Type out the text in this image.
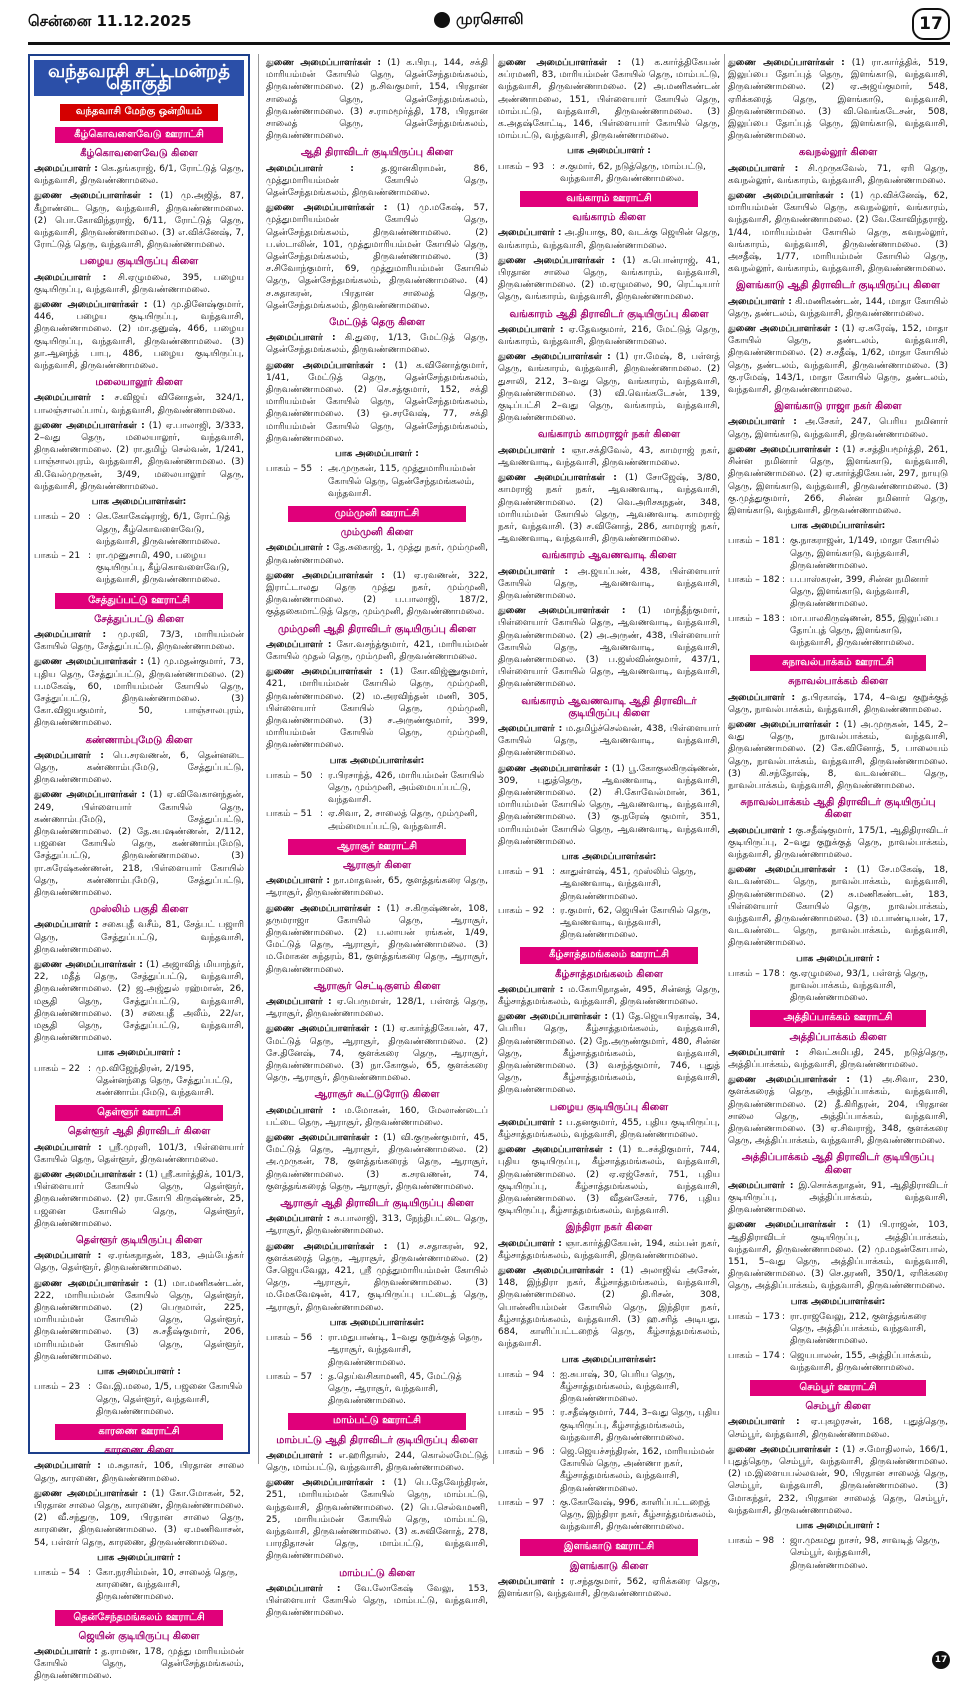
சென்னை 11.12.2025	முரசொலி	17
வந்தவாசி சட்டமன்றத் தொகுதி
வந்தவாசி மேற்கு ஒன்றியம்
கீழ்கொவளைவேடு ஊராட்சி
கீழ்கொவளைவேடு கிளை
அமைப்பாளர் : கெ.தங்கராஜ், 6/1, ரோட்டுத் தெரு, வந்தவாசி, திருவண்ணாமலை.
துணை அமைப்பாளர்கள் : (1) மு.அஜித், 87, கீழாண்டை தெரு, வந்தவாசி, திருவண்ணாமலை. (2) பொ.கோவிந்தராஜ், 6/11, ரோட்டுத் தெரு, வந்தவாசி, திருவண்ணாமலை. (3) எ.விக்னேஷ், 7, ரோட்டுத் தெரு, வந்தவாசி, திருவண்ணாமலை.
பழைய குடியிருப்பு கிளை
அமைப்பாளர் : சி.ஏழுமலை, 395, பழைய குடியிருப்பு, வந்தவாசி, திருவண்ணாமலை.
துணை அமைப்பாளர்கள் : (1) மு.தினேஷ்குமார், 446, பழைய குடியிருப்பு, வந்தவாசி, திருவண்ணாமலை. (2) மா.தனுஷ், 466, பழைய குடியிருப்பு, வந்தவாசி, திருவண்ணாமலை. (3) தா.ஆனந்த் பாபு, 486, பழைய குடியிருப்பு, வந்தவாசி, திருவண்ணாமலை.
மலையாலூர் கிளை
அமைப்பாளர் : ச.விஜய் வினோதன், 324/1, பாலஞ்சாலப்பாய், வந்தவாசி, திருவண்ணாமலை.
துணை அமைப்பாளர்கள் : (1) ஏ.பாலாஜி, 3/333, 2–வது தெரு, மலையாலூர், வந்தவாசி, திருவண்ணாமலை. (2) ரா.தமிழ் செல்வன், 1/241, பாஞ்சாலபுரம், வந்தவாசி, திருவண்ணாமலை. (3) கி.வேல்முருகன், 3/49, மலையாலூர் தெரு, வந்தவாசி, திருவண்ணாமலை.
பாக அமைப்பாளர்கள்:
பாகம் – 20 : கெ.கோகேஷ்ராஜ், 6/1, ரோட்டுத் தெரு, கீழ்கொவளைவேடு, வந்தவாசி, திருவண்ணாமலை.
பாகம் – 21 : ரா.முனுசாமி, 490, பழைய குடியிருப்பு, கீழ்கொவளைவேடு, வந்தவாசி, திருவண்ணாமலை.
சேத்துப்பட்டு ஊராட்சி
சேத்துப்பட்டு கிளை
அமைப்பாளர் : மு.ரவி, 73/3, மாரியம்மன் கோயில் தெரு, சேத்துப்பட்டு, திருவண்ணாமலை.
துணை அமைப்பாளர்கள் : (1) மு.மதன்குமார், 73, புதிய தெரு, சேத்துப்பட்டு, திருவண்ணாமலை. (2) ப.மகேஷ், 60, மாரியம்மன் கோயில் தெரு, சேத்துப்பட்டு, திருவண்ணாமலை. (3) கோ.விஜயகுமார், 50, பாஞ்சாலபுரம், திருவண்ணாமலை.
கண்ணாம்புமேடு கிளை
அமைப்பாளர் : பெ.சரவணன், 6, தென்னடை தெரு, கண்ணாம்புமேடு, சேத்துப்பட்டு, திருவண்ணாமலை.
துணை அமைப்பாளர்கள் : (1) ஏ.விவேகானந்தன், 249, பிள்ளையார் கோயில் தெரு, கண்ணாம்புமேடு, சேத்துப்பட்டு, திருவண்ணாமலை. (2) தே.சுபஷண்ணன், 2/112, பஜனை கோயில் தெரு, கண்ணாம்புமேடு, சேத்துப்பட்டு, திருவண்ணாமலை. (3) ரா.சுரேஷ்கண்ணன், 218, பிள்ளையார் கோயில் தெரு, கண்ணாம்புமேடு, சேத்துப்பட்டு, திருவண்ணாமலை.
முஸ்லிம் பகுதி கிளை
அமைப்பாளர் : சகைபுதீ வசீம், 81, சேத்பட் பஜாரி தெரு, சேத்துப்பட்டு, வந்தவாசி, திருவண்ணாமலை.
துணை அமைப்பாளர்கள் : (1) அஜாவித் மியாந்தர், 22, மதீத் தெரு, சேத்துப்பட்டு, வந்தவாசி, திருவண்ணாமலை. (2) ஜ.அஜ்துல் ரஹ்மான், 26, மசூதி தெரு, சேத்துப்பட்டு, வந்தவாசி, திருவண்ணாமலை. (3) சகைபுதீ அலீம், 22/எ, மசூதி தெரு, சேத்துப்பட்டு, வந்தவாசி, திருவண்ணாமலை.
பாக அமைப்பாளர் :
பாகம் – 22 : மு.விஜேந்திரன், 2/195, தென்னந்தை தெரு, சேத்துப்பட்டு, கண்ணாம்புமேடு, வந்தவாசி.
தெள்ளூர் ஊராட்சி
தெள்ளூர் ஆதி திராவிடர் கிளை
அமைப்பாளர் : ஸ்ரீ.முரளி, 101/3, பிள்ளையார் கோயில் தெரு, தெள்ளூர், திருவண்ணாமலை.
துணை அமைப்பாளர்கள் : (1) ஸ்ரீ.கார்த்திக், 101/3, பிள்ளையார் கோயில் தெரு, தெள்ளூர், திருவண்ணாமலை. (2) ரா.கோபி கிருஷ்ணன், 25, பஜனை கோயில் தெரு, தெள்ளூர், திருவண்ணாமலை.
தெள்ளூர் குடியிருப்பு கிளை
அமைப்பாளர் : ஏ.ரங்கநாதன், 183, அம்பேத்கர் தெரு, தெள்ளூர், திருவண்ணாமலை.
துணை அமைப்பாளர்கள் : (1) மா.மணிகண்டன், 222, மாரியம்மன் கோயில் தெரு, தெள்ளூர், திருவண்ணாமலை. (2) பெருமாள், 225, மாரியம்மன் கோயில் தெரு, தெள்ளூர், திருவண்ணாமலை. (3) சு.சதீஷ்குமார், 206, மாரியம்மன் கோயில் தெரு, தெள்ளூர், திருவண்ணாமலை.
பாக அமைப்பாளர் :
பாகம் – 23 : வே.இ.மலை, 1/5, பஜனை கோயில் தெரு, தெள்ளூர், வந்தவாசி, திருவண்ணாமலை.
காரணை ஊராட்சி
காரணை கிளை
அமைப்பாளர் : ம.சுதாகர், 106, பிரதான சாலை தெரு, காரணை, திருவண்ணாமலை.
துணை அமைப்பாளர்கள் : (1) கோ.மோகன், 52, பிரதான சாலை தெரு, காரணை, திருவண்ணாமலை. (2) வீ.சந்துரு, 109, பிரதான சாலை தெரு, காரணை, திருவண்ணாமலை. (3) ஏ.மணிவாசன், 54, பள்ளர் தெரு, காரணை, திருவண்ணாமலை.
பாக அமைப்பாளர் :
பாகம் – 54 : கோ.நரசிம்மன், 10, சாலைத் தெரு, காரணை, வந்தவாசி, திருவண்ணாமலை.
தென்சேந்தமங்கலம் ஊராட்சி
ஜெயின் குடியிருப்பு கிளை
அமைப்பாளர் : த.ராமண, 178, முத்து மாரியம்மன் கோயில் தெரு, தென்சேந்தமங்கலம், திருவண்ணாமலை.
துணை அமைப்பாளர்கள் : (1) க.பிரபு, 144, சக்தி மாரியம்மன் கோயில் தெரு, தென்சேந்தமங்கலம், திருவண்ணாமலை. (2) ந.சிவகுமார், 154, பிரதான சாலைத் தெரு, தென்சேந்தமங்கலம், திருவண்ணாமலை. (3) ச.ராமமூர்த்தி, 178, பிரதான சாலைத் தெரு, தென்சேந்தமங்கலம், திருவண்ணாமலை.
ஆதி திராவிடர் குடியிருப்பு கிளை
அமைப்பாளர் : த.ஜானகிராமன், 86, முத்துமாரியம்மன் கோயில் தெரு, தென்சேந்தமங்கலம், திருவண்ணாமலை.
துணை அமைப்பாளர்கள் : (1) மு.மகேஷ், 57, முத்துமாரியம்மன் கோயில் தெரு, தென்சேந்தமங்கலம், திருவண்ணாமலை. (2) ப.ஸ்டாலின், 101, முத்துமாரியம்மன் கோயில் தெரு, தென்சேந்தமங்கலம், திருவண்ணாமலை. (3) ச.சிவோந்குமார், 69, முத்துமாரியம்மன் கோயில் தெரு, தென்சேந்தமங்கலம், திருவண்ணாமலை. (4) ச.சுதாகரன், பிரதான சாலைத் தெரு, தென்சேந்தமங்கலம், திருவண்ணாமலை.
மேட்டுத் தெரு கிளை
அமைப்பாளர் : கி.துரை, 1/13, மேட்டுத் தெரு, தென்சேந்தமங்கலம், திருவண்ணாமலை.
துணை அமைப்பாளர்கள் : (1) க.வினோத்குமார், 1/41, மேட்டுத் தெரு, தென்சேந்தமங்கலம், திருவண்ணாமலை. (2) செ.சத்குமார், 152, சக்தி மாரியம்மன் கோயில் தெரு, தென்சேந்தமங்கலம், திருவண்ணாமலை. (3) ஒ.சரவேஷ், 77, சக்தி மாரியம்மன் கோயில் தெரு, தென்சேந்தமங்கலம், திருவண்ணாமலை.
பாக அமைப்பாளர் :
பாகம் – 55 : அ.முருகன், 115, முத்துமாரியம்மன் கோயில் தெரு, தென்சேந்தமங்கலம், வந்தவாசி.
மும்முனி ஊராட்சி
மும்முனி கிளை
அமைப்பாளர் : தே.சுகைாஜ், 1, முத்து நகர், மும்முனி, திருவண்ணாமலை.
துணை அமைப்பாளர்கள் : (1) ஏ.ரவணன், 322, இராட்டாலது தெரு முத்து நகர், மும்முனி, திருவண்ணாமலை. (2) ப.பாலாஜி, 187/2, குத்தகைமாட்டுத் தெரு, மும்முனி, திருவண்ணாமலை.
மும்முனி ஆதி திராவிடர் குடியிருப்பு கிளை
அமைப்பாளர் : கோ.வசந்த்குமார், 421, மாரியம்மன் கோயில் முதல் தெரு, மும்முனி, திருவண்ணாமலை.
துணை அமைப்பாளர்கள் : (1) கோ.விஜ்ணுகுமார், 421, மாரியம்மன் கோயில் தெரு, மும்முனி, திருவண்ணாமலை. (2) ம.அரவிந்தன் மணி, 305, பிள்ளையார் கோயில் தெரு, மும்முனி, திருவண்ணாமலை. (3) ச.அருண்குமார், 399, மாரியம்மன் கோயில் தெரு, மும்முனி, திருவண்ணாமலை.
பாக அமைப்பாளர்கள்:
பாகம் – 50 : ர.பிரசாந்த், 426, மாரியம்மன் கோயில் தெரு, மும்முனி, அம்மையப்பட்டு, வந்தவாசி.
பாகம் – 51 : ஏ.சிவா, 2, சாலைத் தெரு, மும்முனி, அம்மையப்பட்டு, வந்தவாசி.
ஆராசூர் ஊராட்சி
ஆராசூர் கிளை
அமைப்பாளர் : நா.மாதவன், 65, குளத்தங்கரை தெரு, ஆராசூர், திருவண்ணாமலை.
துணை அமைப்பாளர்கள் : (1) ச.கிருஷ்ணன், 108, தருமராஜா கோயில் தெரு, ஆராசூர், திருவண்ணாமலை. (2) ப.லாயன் ரங்கன், 1/49, மேட்டுத் தெரு, ஆராசூர், திருவண்ணாமலை. (3) ம.மோகன சுந்தரம், 81, குளத்தங்கரை தெரு, ஆராசூர், திருவண்ணாமலை.
ஆராசூர் செட்டிகுளம் கிளை
அமைப்பாளர் : ஏ.பெருமாள், 128/1, பள்ளத் தெரு, ஆராசூர், திருவண்ணாமலை.
துணை அமைப்பாளர்கள் : (1) ஏ.கார்த்திகேயன், 47, மேட்டுத் தெரு, ஆராசூர், திருவண்ணாமலை. (2) சே.தினேஷ், 74, குளக்கரை தெரு, ஆராசூர், திருவண்ணாமலை. (3) நா.கோகுல், 65, குளக்கரை தெரு, ஆராசூர், திருவண்ணாமலை.
ஆராசூர் கூட்டுரோடு கிளை
அமைப்பாளர் : ம.மோகன், 160, மேலாண்டைப் பட்டை தெரு, ஆராசூர், திருவண்ணாமலை.
துணை அமைப்பாளர்கள் : (1) வி.குருண்குமார், 45, மேட்டுத் தெரு, ஆராசூர், திருவண்ணாமலை. (2) அ.முருகன், 78, குளத்தங்கரைத் தெரு, ஆராசூர், திருவண்ணாமலை. (3) க.சரவணன், 74, குளத்தங்கரைத் தெரு, ஆராசூர், திருவண்ணாமலை.
ஆராசூர் ஆதி திராவிடர் குடியிருப்பு கிளை
அமைப்பாளர் : சு.பாலாஜி, 313, நேந்திபட்டை தெரு, ஆராசூர், திருவண்ணாமலை.
துணை அமைப்பாளர்கள் : (1) ச.சதாகரன், 92, குளக்கரைத் தெரு, ஆராசூர், திருவண்ணாமலை. (2) சே.ஜெயவேலு, 421, ஸ்ரீ முத்துமாரியம்மன் கோயில் தெரு, ஆராசூர், திருவண்ணாமலை. (3) ம.மேகவேஷன், 417, குடியிருப்பு பட்டைத் தெரு, ஆராசூர், திருவண்ணாமலை.
பாக அமைப்பாளர்கள்:
பாகம் – 56 : ரா.மதுபாண்டி, 1–வது குறுக்குத் தெரு, ஆராசூர், வந்தவாசி, திருவண்ணாமலை.
பாகம் – 57 : த.தெய்வசிகாமணி, 45, மேட்டுத் தெரு, ஆராசூர், வந்தவாசி, திருவண்ணாமலை.
மாம்பட்டு ஊராட்சி
மாம்பட்டு ஆதி திராவிடர் குடியிருப்பு கிளை
அமைப்பாளர் : எ.ஹரிதாஸ், 244, கொல்லமேட்டுத் தெரு, மாம்பட்டு, வந்தவாசி, திருவண்ணாமலை.
துணை அமைப்பாளர்கள் : (1) பெ.தேவேந்திரன், 251, மாரியம்மன் கோயில் தெரு, மாம்பட்டு, வந்தவாசி, திருவண்ணாமலை. (2) பெ.செல்வமணி, 25, மாரியம்மன் கோயில் தெரு, மாம்பட்டு, வந்தவாசி, திருவண்ணாமலை. (3) க.சுவினோத், 278, பாரதிதாசன் தெரு, மாம்பட்டு, வந்தவாசி, திருவண்ணாமலை.
மாம்பட்டு கிளை
அமைப்பாளர் : வே.லோகேஷ் வேலு, 153, பிள்ளையார் கோயில் தெரு, மாம்பட்டு, வந்தவாசி, திருவண்ணாமலை.
துணை அமைப்பாளர்கள் : (1) க.கார்த்திகேயன் சுப்ரமணி, 83, மாரியம்மன் கோயில் தெரு, மாம்பட்டு, வந்தவாசி, திருவண்ணாமலை. (2) அ.மணிகண்டன் அண்ணாமலை, 151, பிள்ளையார் கோயில் தெரு, மாம்பட்டு, வந்தவாசி, திருவண்ணாமலை. (3) க.அதஷ்கோட்டி, 146, பிள்ளையார் கோயில் தெரு, மாம்பட்டு, வந்தவாசி, திருவண்ணாமலை.
பாக அமைப்பாளர் :
பாகம் – 93 : ச.குமார், 62, நடுத்தெரு, மாம்பட்டு, வந்தவாசி, திருவண்ணாமலை.
வங்காரம் ஊராட்சி
வங்காரம் கிளை
அமைப்பாளர் : அ.தியாகு, 80, வடக்கு ஜெயின் தெரு, வங்காரம், வந்தவாசி, திருவண்ணாமலை.
துணை அமைப்பாளர்கள் : (1) க.பொன்ராஜ், 41, பிரதான சாலை தெரு, வங்காரம், வந்தவாசி, திருவண்ணாமலை. (2) ம.ஏழுமலை, 90, ரெட்டியார் தெரு, வங்காரம், வந்தவாசி, திருவண்ணாமலை.
வங்காரம் ஆதி திராவிடர் குடியிருப்பு கிளை
அமைப்பாளர் : ஏ.தேவகுமார், 216, மேட்டுத் தெரு, வங்காரம், வந்தவாசி, திருவண்ணாமலை.
துணை அமைப்பாளர்கள் : (1) ரா.மேஷ், 8, பள்ளத் தெரு, வங்காரம், வந்தவாசி, திருவண்ணாமலை. (2) துசாலி, 212, 3–வது தெரு, வங்காரம், வந்தவாசி, திருவண்ணாமலை. (3) வி.வெங்கடேசன், 139, குடிப்பட்சி 2–வது தெரு, வங்காரம், வந்தவாசி, திருவண்ணாமலை.
வங்காரம் காமராஜர் நகர் கிளை
அமைப்பாளர் : ஞா.சக்திவேல், 43, காமராஜ் நகர், ஆவணவாடி, வந்தவாசி, திருவண்ணாமலை.
துணை அமைப்பாளர்கள் : (1) சோஜேஷ், 3/80, காமராஜ் நகர் நகர், ஆவணவாடி, வந்தவாசி, திருவண்ணாமலை. (2) வெ.அரிசகநதன், 348, மாரியம்மன் கோயில் தெரு, ஆவணவாடி காமராஜ் நகர், வந்தவாசி. (3) ச.வினோத், 286, காமராஜ் நகர், ஆவணவாடி, வந்தவாசி, திருவண்ணாமலை.
வங்காரம் ஆவணவாடி கிளை
அமைப்பாளர் : அ.ஜயப்பன், 438, பிள்ளையார் கோயில் தெரு, ஆவணவாடி, வந்தவாசி, திருவண்ணாமலை.
துணை அமைப்பாளர்கள் : (1) மாந்தீந்குமார், பிள்ளையார் கோயில் தெரு, ஆவணவாடி, வந்தவாசி, திருவண்ணாமலை. (2) அ.அருண், 438, பிள்ளையார் கோயில் தெரு, ஆவணவாடி, வந்தவாசி, திருவண்ணாமலை. (3) ப.ஜஸ்வின்குமார், 437/1, பிள்ளையார் கோயில் தெரு, ஆவணவாடி, வந்தவாசி, திருவண்ணாமலை.
வங்காரம் ஆவணவாடி ஆதி திராவிடர் குடியிருப்பு கிளை
அமைப்பாளர் : ம.தமிழ்ச்செல்வன், 438, பிள்ளையார் கோயில் தெரு, ஆவணவாடி, வந்தவாசி, திருவண்ணாமலை.
துணை அமைப்பாளர்கள் : (1) பூ.கோகுலகிருஷ்ணன், 309, புதுத்தெரு, ஆவணவாடி, வந்தவாசி, திருவண்ணாமலை. (2) சி.கோவேல்மான், 361, மாரியம்மன் கோயில் தெரு, ஆவணவாடி, வந்தவாசி, திருவண்ணாமலை. (3) கு.நரேஷ் குமார், 351, மாரியம்மன் கோயில் தெரு, ஆவணவாடி, வந்தவாசி, திருவண்ணாமலை.
பாக அமைப்பாளர்கள்:
பாகம் – 91 : காதுள்ளஷ், 451, முஸ்லிம் தெரு, ஆவணவாடி, வந்தவாசி, திருவண்ணாமலை.
பாகம் – 92 : ர.குமார், 62, ஜெயின் கோயில் தெரு, ஆவணவாடி, வந்தவாசி, திருவண்ணாமலை.
கீழ்சாத்தமங்கலம் ஊராட்சி
கீழ்சாத்தமங்கலம் கிளை
அமைப்பாளர் : ம.கோபிநாதன், 495, சின்னத் தெரு, கீழ்சாத்தமங்கலம், வந்தவாசி, திருவண்ணாமலை.
துணை அமைப்பாளர்கள் : (1) தே.ஜெயபிரகாஷ், 34, பெரிய தெரு, கீழ்சாத்தமங்கலம், வந்தவாசி, திருவண்ணாமலை. (2) நே.அருண்குமார், 480, சின்ன தெரு, கீழ்சாத்தமங்கலம், வந்தவாசி, திருவண்ணாமலை. (3) வசந்த்குமார், 746, புதுத் தெரு, கீழ்சாத்தமங்கலம், வந்தவாசி, திருவண்ணாமலை.
பழைய குடியிருப்பு கிளை
அமைப்பாளர் : ப.தனகுமார், 455, புதிய குடியிருப்பு, கீழ்சாத்தமங்கலம், வந்தவாசி, திருவண்ணாமலை.
துணை அமைப்பாளர்கள் : (1) உ.சக்திகுமார், 744, புதிய குடியிருப்பு, கீழ்சாத்தமங்கலம், வந்தவாசி, திருவண்ணாமலை. (2) ஏ.ஏஜ்சேகர், 751, புதிய குடியிருப்பு, கீழ்சாத்தமங்கலம், வந்தவாசி, திருவண்ணாமலை. (3) வீதனசேகர், 776, புதிய குடியிருப்பு, கீழ்சாத்தமங்கலம், வந்தவாசி.
இந்திரா நகர் கிளை
அமைப்பாளர் : ஞா.கார்த்திகேயன், 194, கம்பன் நகர், கீழ்சாத்தமங்கலம், வந்தவாசி, திருவண்ணாமலை.
துணை அமைப்பாளர்கள் : (1) அலாஜிவ் அசேன், 148, இந்திரா நகர், கீழ்சாத்தமங்கலம், வந்தவாசி, திருவண்ணாமலை. (2) தி.ரிசன், 308, பொன்னியம்மன் கோயில் தெரு, இந்திரா நகர், கீழ்சாத்தமங்கலம், வந்தவாசி. (3) ஹ.சரித் அடியது, 684, காளிப்பட்டறைத் தெரு, கீழ்சாத்தமங்கலம், வந்தவாசி.
பாக அமைப்பாளர்கள்:
பாகம் – 94 : ஐ.சுபாஷ், 30, பெரிய தெரு, கீழ்சாத்தமங்கலம், வந்தவாசி, திருவண்ணாமலை.
பாகம் – 95 : ர.சதீஷ்குமார், 744, 3–வது தெரு, புதிய குடியிருப்பு, கீழ்சாத்தமங்கலம், வந்தவாசி, திருவண்ணாமலை.
பாகம் – 96 : ஜெ.ஜெயச்சந்திரன், 162, மாரியம்மன் கோயில் தெரு, அண்ணா நகர், கீழ்சாத்தமங்கலம், வந்தவாசி, திருவண்ணாமலை.
பாகம் – 97 : கு.கோவேஷ், 996, காளிப்பட்டறைத் தெரு, இந்திரா நகர், கீழ்சாத்தமங்கலம், வந்தவாசி, திருவண்ணாமலை.
இளங்காடு ஊராட்சி
இளங்காடு கிளை
அமைப்பாளர் : ர.சந்தகுமார், 562, ஏரிக்கரை தெரு, இளங்காடு, வந்தவாசி, திருவண்ணாமலை.
துணை அமைப்பாளர்கள் : (1) ரா.கார்த்திக், 519, இலுப்பை தோப்புத் தெரு, இளங்காடு, வந்தவாசி, திருவண்ணாமலை. (2) ஏ.அஜய்குமார், 548, ஏரிக்கரைத் தெரு, இளங்காடு, வந்தவாசி, திருவண்ணாமலை. (3) வி.வெங்கடேசன், 508, இலுப்பை தோப்புத் தெரு, இளங்காடு, வந்தவாசி, திருவண்ணாமலை.
கவநல்லூர் கிளை
அமைப்பாளர் : சி.முருகவேல், 71, ஏரி தெரு, கவநல்லூர், வங்காரம், வந்தவாசி, திருவண்ணாமலை.
துணை அமைப்பாளர்கள் : (1) மு.விக்னேஷ், 62, மாரியம்மன் கோயில் தெரு, கவநல்லூர், வங்காரம், வந்தவாசி, திருவண்ணாமலை. (2) வே.கோவிந்தராஜ், 1/44, மாரியம்மன் கோயில் தெரு, கவநல்லூர், வங்காரம், வந்தவாசி, திருவண்ணாமலை. (3) அசதீஷ், 1/77, மாரியம்மன் கோயில் தெரு, கவநல்லூர், வங்காரம், வந்தவாசி, திருவண்ணாமலை.
இளங்காடு ஆதி திராவிடர் குடியிருப்பு கிளை
அமைப்பாளர் : கி.மணிகண்டன், 144, மாதா கோயில் தெரு, தண்டலம், வந்தவாசி, திருவண்ணாமலை.
துணை அமைப்பாளர்கள் : (1) ஏ.சுரேஷ், 152, மாதா கோயில் தெரு, தண்டலம், வந்தவாசி, திருவண்ணாமலை. (2) ச.சதீஷ், 1/62, மாதா கோயில் தெரு, தண்டலம், வந்தவாசி, திருவண்ணாமலை. (3) கு.ரமேஷ், 143/1, மாதா கோயில் தெரு, தண்டலம், வந்தவாசி, திருவண்ணாமலை.
இளங்காடு ராஜா நகர் கிளை
அமைப்பாளர் : அ.சேகர், 247, பெரிய நமினார் தெரு, இளங்காடு, வந்தவாசி, திருவண்ணாமலை.
துணை அமைப்பாளர்கள் : (1) ச.சத்தியமூர்த்தி, 261, சின்ன நமினார் தெரு, இளங்காடு, வந்தவாசி, திருவண்ணாமலை. (2) ஏ.கார்த்திகேயன், 297, நாயுடு தெரு, இளங்காடு, வந்தவாசி, திருவண்ணாமலை. (3) கு.முத்துகுமார், 266, சின்ன நமினார் தெரு, இளங்காடு, வந்தவாசி, திருவண்ணாமலை.
பாக அமைப்பாளர்கள்:
பாகம் – 181 : கு.நாகராஜன், 1/149, மாதா கோயில் தெரு, இளங்காடு, வந்தவாசி, திருவண்ணாமலை.
பாகம் – 182 : ப.பாஸ்கரன், 399, சின்ன நமினார் தெரு, இளங்காடு, வந்தவாசி, திருவண்ணாமலை.
பாகம் – 183 : மா.பாலகிருஷ்ணன், 855, இலுப்பை தோப்புத் தெரு, இளங்காடு, வந்தவாசி, திருவண்ணாமலை.
சுநாவல்பாக்கம் ஊராட்சி
சுநாவல்பாக்கம் கிளை
அமைப்பாளர் : த.பிரகாஷ், 174, 4–வது குறுக்குத் தெரு, நாவல்பாக்கம், வந்தவாசி, திருவண்ணாமலை.
துணை அமைப்பாளர்கள் : (1) அ.முருகன், 145, 2–வது தெரு, நாவல்பாக்கம், வந்தவாசி, திருவண்ணாமலை. (2) கே.வினோத், 5, பாலையம் தெரு, நாவல்பாக்கம், வந்தவாசி, திருவண்ணாமலை. (3) கி.சந்தோஷ், 8, வடவண்டை தெரு, நாவல்பாக்கம், வந்தவாசி, திருவண்ணாமலை.
சுநாவல்பாக்கம் ஆதி திராவிடர் குடியிருப்பு கிளை
அமைப்பாளர் : கு.சதீஷ்குமார், 175/1, ஆதிதிராவிடர் குடியிருப்பு, 2–வது குறுக்குத் தெரு, நாவல்பாக்கம், வந்தவாசி, திருவண்ணாமலை.
துணை அமைப்பாளர்கள் : (1) சே.மகேஷ், 18, வடவண்டை தெரு, நாவல்பாக்கம், வந்தவாசி, திருவண்ணாமலை. (2) சு.மணிகண்டன், 183, பிள்ளையார் கோயில் தெரு, நாவல்பாக்கம், வந்தவாசி, திருவண்ணாமலை. (3) ம.பாண்டியன், 17, வடவண்டை தெரு, நாவல்பாக்கம், வந்தவாசி, திருவண்ணாமலை.
பாக அமைப்பாளர் :
பாகம் – 178 : கு.ஏழுமலை, 93/1, பள்ளத் தெரு, நாவல்பாக்கம், வந்தவாசி, திருவண்ணாமலை.
அத்திப்பாக்கம் ஊராட்சி
அத்திப்பாக்கம் கிளை
அமைப்பாளர் : சிவட்சுமிபதி, 245, நடுத்தெரு, அத்திப்பாக்கம், வந்தவாசி, திருவண்ணாமலை.
துணை அமைப்பாளர்கள் : (1) அ.சிவா, 230, குளக்கரைத் தெரு, அத்திப்பாக்கம், வந்தவாசி, திருவண்ணாமலை. (2) தீ.கிரிதரன், 204, பிரதான சாலை தெரு, அத்திப்பாக்கம், வந்தவாசி, திருவண்ணாமலை. (3) ஏ.சிவராஜ், 348, குளக்கரை தெரு, அத்திப்பாக்கம், வந்தவாசி, திருவண்ணாமலை.
அத்திப்பாக்கம் ஆதி திராவிடர் குடியிருப்பு கிளை
அமைப்பாளர் : இ.சொக்கநாதன், 91, ஆதிதிராவிடர் குடியிருப்பு, அத்திப்பாக்கம், வந்தவாசி, திருவண்ணாமலை.
துணை அமைப்பாளர்கள் : (1) பி.ராஜன், 103, ஆதிதிராவிடர் குடியிருப்பு, அத்திப்பாக்கம், வந்தவாசி, திருவண்ணாமலை. (2) மு.மதன்கோபால், 151, 5–வது தெரு, அத்திப்பாக்கம், வந்தவாசி, திருவண்ணாமலை. (3) செ.தரணி, 350/1, ஏரிக்கரை தெரு, அத்திப்பாக்கம், வந்தவாசி, திருவண்ணாமலை.
பாக அமைப்பாளர்கள்:
பாகம் – 173 : ரா.ராஜவேலு, 212, குளத்தங்கரை தெரு, அத்திப்பாக்கம், வந்தவாசி, திருவண்ணாமலை.
பாகம் – 174 : ஜெயபாலன், 155, அத்திப்பாக்கம், வந்தவாசி, திருவண்ணாமலை.
செம்பூர் ஊராட்சி
செம்பூர் கிளை
அமைப்பாளர் : ஏ.புகழரசன், 168, புதுத்தெரு, செம்பூர், வந்தவாசி, திருவண்ணாமலை.
துணை அமைப்பாளர்கள் : (1) ச.மோதிலால், 166/1, புதுத்தெரு, செம்பூர், வந்தவாசி, திருவண்ணாமலை. (2) ம.இளையபல்லவன், 90, பிரதான சாலைத் தெரு, செம்பூர், வந்தவாசி, திருவண்ணாமலை. (3) மோகந்தர், 232, பிரதான சாலைத் தெரு, செம்பூர், வந்தவாசி, திருவண்ணாமலை.
பாக அமைப்பாளர் :
பாகம் – 98 : ஜா.முகமது நாசர், 98, சாவடித் தெரு, செம்பூர், வந்தவாசி, திருவண்ணாமலை.
17
